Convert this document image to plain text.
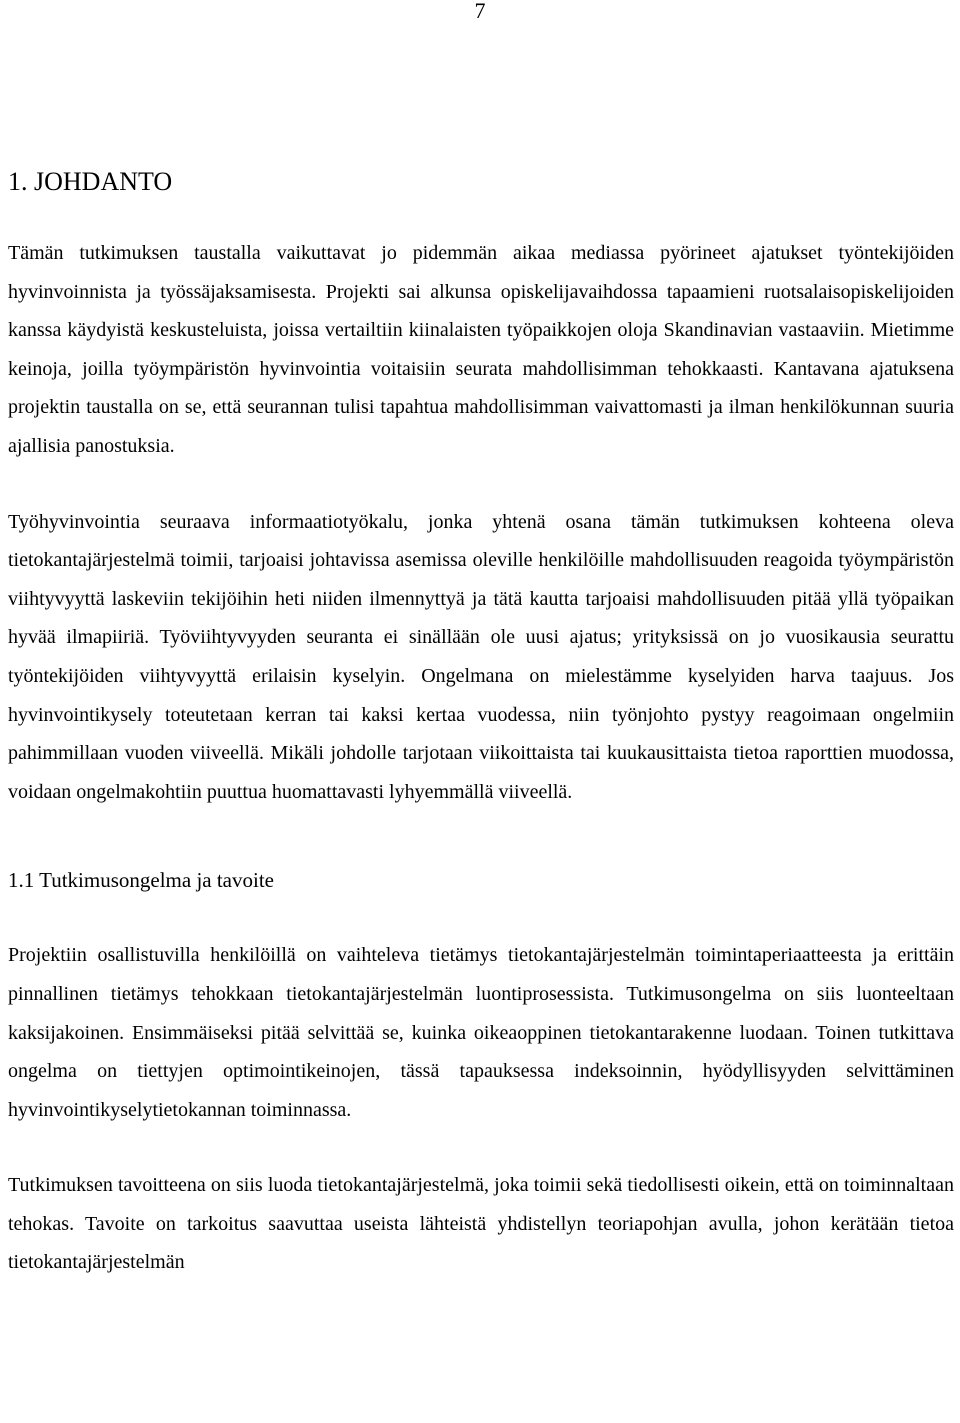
7
1. JOHDANTO

Tämän tutkimuksen taustalla vaikuttavat jo pidemmän aikaa mediassa pyörineet ajatukset työntekijöiden hyvinvoinnista ja työssäjaksamisesta. Projekti sai alkunsa opiskelijavaihdossa tapaamieni ruotsalaisopiskelijoiden kanssa käydyistä keskusteluista, joissa vertailtiin kiinalaisten työpaikkojen oloja Skandinavian vastaaviin. Mietimme keinoja, joilla työympäristön hyvinvointia voitaisiin seurata mahdollisimman tehokkaasti. Kantavana ajatuksena projektin taustalla on se, että seurannan tulisi tapahtua mahdollisimman vaivattomasti ja ilman henkilökunnan suuria ajallisia panostuksia.

Työhyvinvointia seuraava informaatiotyökalu, jonka yhtenä osana tämän tutkimuksen kohteena oleva tietokantajärjestelmä toimii, tarjoaisi johtavissa asemissa oleville henkilöille mahdollisuuden reagoida työympäristön viihtyvyyttä laskeviin tekijöihin heti niiden ilmennyttyä ja tätä kautta tarjoaisi mahdollisuuden pitää yllä työpaikan hyvää ilmapiiriä. Työviihtyvyyden seuranta ei sinällään ole uusi ajatus; yrityksissä on jo vuosikausia seurattu työntekijöiden viihtyvyyttä erilaisin kyselyin. Ongelmana on mielestämme kyselyiden harva taajuus. Jos hyvinvointikysely toteutetaan kerran tai kaksi kertaa vuodessa, niin työnjohto pystyy reagoimaan ongelmiin pahimmillaan vuoden viiveellä. Mikäli johdolle tarjotaan viikoittaista tai kuukausittaista tietoa raporttien muodossa, voidaan ongelmakohtiin puuttua huomattavasti lyhyemmällä viiveellä.

1.1 Tutkimusongelma ja tavoite

Projektiin osallistuvilla henkilöillä on vaihteleva tietämys tietokantajärjestelmän toimintaperiaatteesta ja erittäin pinnallinen tietämys tehokkaan tietokantajärjestelmän luontiprosessista. Tutkimusongelma on siis luonteeltaan kaksijakoinen. Ensimmäiseksi pitää selvittää se, kuinka oikeaoppinen tietokantarakenne luodaan. Toinen tutkittava ongelma on tiettyjen optimointikeinojen, tässä tapauksessa indeksoinnin, hyödyllisyyden selvittäminen hyvinvointikyselytietokannan toiminnassa.

Tutkimuksen tavoitteena on siis luoda tietokantajärjestelmä, joka toimii sekä tiedollisesti oikein, että on toiminnaltaan tehokas. Tavoite on tarkoitus saavuttaa useista lähteistä yhdistellyn teoriapohjan avulla, johon kerätään tietoa tietokantajärjestelmän
